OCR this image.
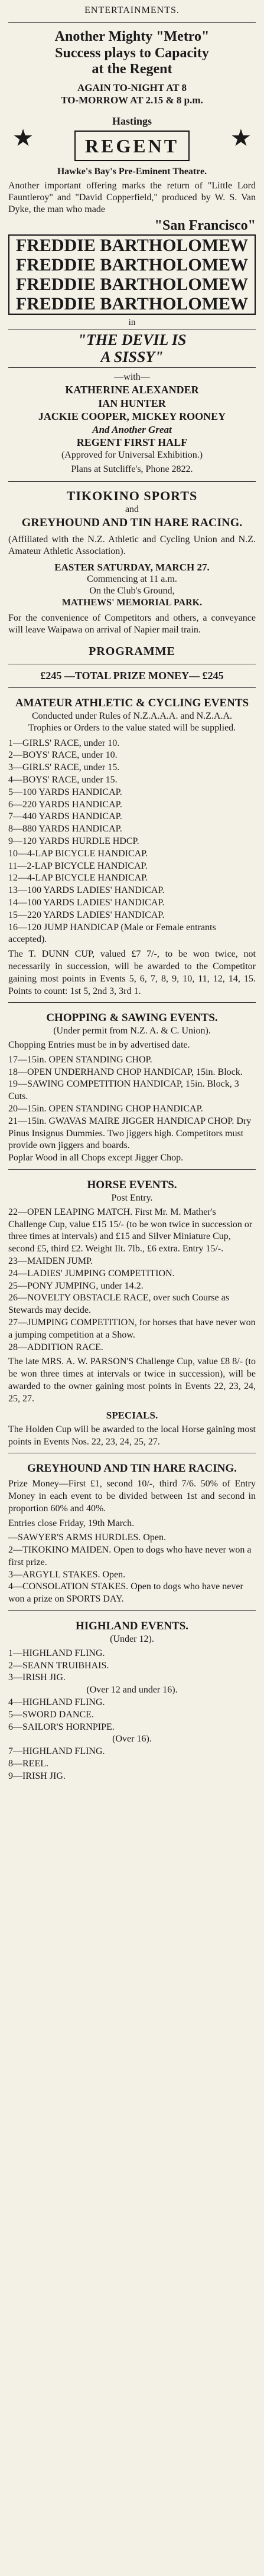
ENTERTAINMENTS.
Another Mighty "Metro"
Success plays to Capacity
at the Regent
AGAIN TO-NIGHT AT 8
TO-MORROW AT 2.15 & 8 p.m.
★
Hastings
REGENT	★
Hawke's Bay's Pre-Eminent Theatre.
Another important offering marks the return of "Little Lord Fauntleroy" and "David Copperfield," produced by W. S. Van Dyke, the man who made
"San Francisco"
FREDDIE BARTHOLOMEW
FREDDIE BARTHOLOMEW
FREDDIE BARTHOLOMEW
FREDDIE BARTHOLOMEW
in
"THE DEVIL IS
A SISSY"
—with—
KATHERINE ALEXANDER
IAN HUNTER
JACKIE COOPER, MICKEY ROONEY
And Another Great
REGENT FIRST HALF
(Approved for Universal Exhibition.)
Plans at Sutcliffe's, Phone 2822.
TIKOKINO SPORTS
and
GREYHOUND AND TIN HARE RACING.
(Affiliated with the N.Z. Athletic and Cycling Union and N.Z. Amateur Athletic Association).
EASTER SATURDAY, MARCH 27.
Commencing at 11 a.m.
On the Club's Ground,
MATHEWS' MEMORIAL PARK.
For the convenience of Competitors and others, a conveyance will leave Waipawa on arrival of Napier mail train.
PROGRAMME
£245 —TOTAL PRIZE MONEY— £245
AMATEUR ATHLETIC & CYCLING EVENTS
Conducted under Rules of N.Z.A.A.A. and N.Z.A.A.
Trophies or Orders to the value stated will be supplied.
1—GIRLS' RACE, under 10.
2—BOYS' RACE, under 10.
3—GIRLS' RACE, under 15.
4—BOYS' RACE, under 15.
5—100 YARDS HANDICAP.
6—220 YARDS HANDICAP.
7—440 YARDS HANDICAP.
8—880 YARDS HANDICAP.
9—120 YARDS HURDLE HDCP.
10—4-LAP BICYCLE HANDICAP.
11—2-LAP BICYCLE HANDICAP.
12—4-LAP BICYCLE HANDICAP.
13—100 YARDS LADIES' HANDICAP.
14—100 YARDS LADIES' HANDICAP.
15—220 YARDS LADIES' HANDICAP.
16—120 JUMP HANDICAP (Male or Female entrants accepted).
The T. DUNN CUP, valued £7 7/-, to be won twice, not necessarily in succession, will be awarded to the Competitor gaining most points in Events 5, 6, 7, 8, 9, 10, 11, 12, 14, 15. Points to count: 1st 5, 2nd 3, 3rd 1.
CHOPPING & SAWING EVENTS.
(Under permit from N.Z. A. & C. Union).
Chopping Entries must be in by advertised date.
17—15in. OPEN STANDING CHOP.
18—OPEN UNDERHAND CHOP HANDICAP, 15in. Block.
19—SAWING COMPETITION HANDICAP, 15in. Block, 3 Cuts.
20—15in. OPEN STANDING CHOP HANDICAP.
21—15in. GWAVAS MAIRE JIGGER HANDICAP CHOP. Dry Pinus Insignus Dummies. Two jiggers high. Competitors must provide own jiggers and boards.
Poplar Wood in all Chops except Jigger Chop.
HORSE EVENTS.
Post Entry.
22—OPEN LEAPING MATCH. First Mr. M. Mather's Challenge Cup, value £15 15/- (to be won twice in succession or three times at intervals) and £15 and Silver Miniature Cup, second £5, third £2. Weight Ilt. 7lb., £6 extra. Entry 15/-.
23—MAIDEN JUMP.
24—LADIES' JUMPING COMPETITION.
25—PONY JUMPING, under 14.2.
26—NOVELTY OBSTACLE RACE, over such Course as Stewards may decide.
27—JUMPING COMPETITION, for horses that have never won a jumping competition at a Show.
28—ADDITION RACE.
The late MRS. A. W. PARSON'S Challenge Cup, value £8 8/- (to be won three times at intervals or twice in succession), will be awarded to the owner gaining most points in Events 22, 23, 24, 25, 27.
SPECIALS.
The Holden Cup will be awarded to the local Horse gaining most points in Events Nos. 22, 23, 24, 25, 27.
GREYHOUND AND TIN HARE RACING.
Prize Money—First £1, second 10/-, third 7/6. 50% of Entry Money in each event to be divided between 1st and second in proportion 60% and 40%.
Entries close Friday, 19th March.
—SAWYER'S ARMS HURDLES. Open.
2—TIKOKINO MAIDEN. Open to dogs who have never won a first prize.
3—ARGYLL STAKES. Open.
4—CONSOLATION STAKES. Open to dogs who have never won a prize on SPORTS DAY.
HIGHLAND EVENTS.
(Under 12).
1—HIGHLAND FLING.
2—SEANN TRUIBHAIS.
3—IRISH JIG.
(Over 12 and under 16).
4—HIGHLAND FLING.
5—SWORD DANCE.
6—SAILOR'S HORNPIPE.
(Over 16).
7—HIGHLAND FLING.
8—REEL.
9—IRISH JIG.
